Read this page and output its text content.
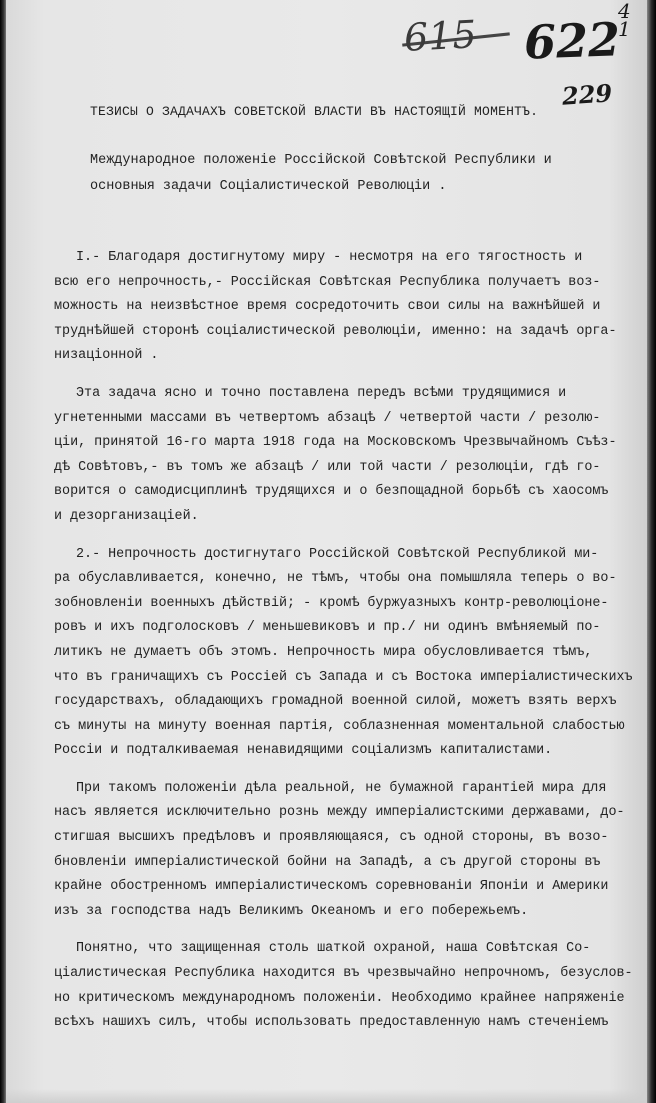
615 622
4
1
229
ТЕЗИСЫ О ЗАДАЧАХЪ СОВЕТСКОЙ ВЛАСТИ ВЪ НАСТОЯЩІЙ МОМЕНТЪ.
Международное положеніе Россійской Совѣтской Республики и
основныя задачи Соціалистической Революціи .
I.- Благодаря достигнутому миру - несмотря на его тягостность и
всю его непрочность,- Россійская Совѣтская Республика получаетъ воз-
можность на неизвѣстное время сосредоточить свои силы на важнѣйшей и
труднѣйшей сторонѣ соціалистической революціи, именно: на задачѣ орга-
низаціонной .
Эта задача ясно и точно поставлена передъ всѣми трудящимися и
угнетенными массами въ четвертомъ абзацѣ / четвертой части / резолю-
ціи, принятой 16-го марта 1918 года на Московскомъ Чрезвычайномъ Съѣз-
дѣ Совѣтовъ,- въ томъ же абзацѣ / или той части / резолюціи, гдѣ го-
ворится о самодисциплинѣ трудящихся и о безпощадной борьбѣ съ хаосомъ
и дезорганизаціей.
2.- Непрочность достигнутаго Россійской Совѣтской Республикой ми-
ра обуславливается, конечно, не тѣмъ, чтобы она помышляла теперь о во-
зобновленіи военныхъ дѣйствій; - кромѣ буржуазныхъ контр-революціоне-
ровъ и ихъ подголосковъ / меньшевиковъ и пр./ ни одинъ вмѣняемый по-
литикъ не думаетъ объ этомъ. Непрочность мира обусловливается тѣмъ,
что въ граничащихъ съ Россіей съ Запада и съ Востока имперіалистическихъ
государствахъ, обладающихъ громадной военной силой, можетъ взять верхъ
съ минуты на минуту военная партія, соблазненная моментальной слабостью
Россіи и подталкиваемая ненавидящими соціализмъ капиталистами.
При такомъ положеніи дѣла реальной, не бумажной гарантіей мира для
насъ является исключительно рознь между имперіалистскими державами, до-
стигшая высшихъ предѣловъ и проявляющаяся, съ одной стороны, въ возо-
бновленіи имперіалистической бойни на Западѣ, а съ другой стороны въ
крайне обостренномъ имперіалистическомъ соревнованіи Японіи и Америки
изъ за господства надъ Великимъ Океаномъ и его побережьемъ.
Понятно, что защищенная столь шаткой охраной, наша Совѣтская Со-
ціалистическая Республика находится въ чрезвычайно непрочномъ, безуслов-
но критическомъ международномъ положеніи. Необходимо крайнее напряженіе
всѣхъ нашихъ силъ, чтобы использовать предоставленную намъ стеченіемъ
